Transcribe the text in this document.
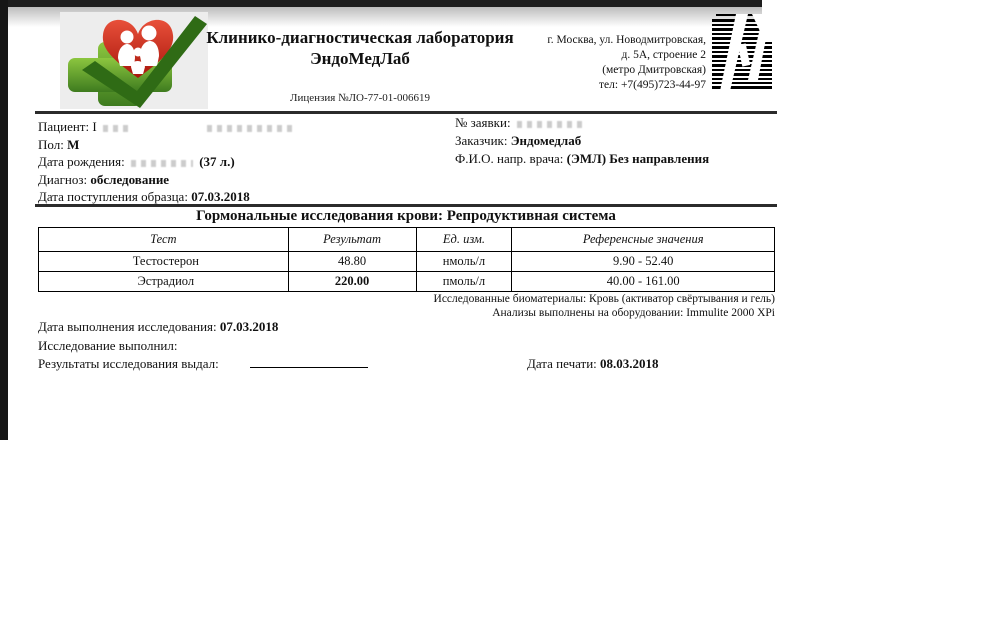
Клинико-диагностическая лаборатория
ЭндоМедЛаб
Лицензия №ЛО-77-01-006619
г. Москва, ул. Новодмитровская,
д. 5А, строение 2
(метро Дмитровская)
тел: +7(495)723-44-97
Пациент: I
Пол: М
Дата рождения:	(37 л.)
Диагноз: обследование
Дата поступления образца: 07.03.2018
№ заявки:
Заказчик: Эндомедлаб
Ф.И.О. напр. врача: (ЭМЛ) Без направления
Гормональные исследования крови: Репродуктивная система
Тест	Результат	Ед. изм.	Референсные значения
Тестостерон	48.80	нмоль/л	9.90 - 52.40
Эстрадиол	220.00	пмоль/л	40.00 - 161.00
Исследованные биоматериалы: Кровь (активатор свёртывания и гель)
Анализы выполнены на оборудовании: Immulite 2000 XPi
Дата выполнения исследования: 07.03.2018
Исследование выполнил:
Результаты исследования выдал:	Дата печати: 08.03.2018
